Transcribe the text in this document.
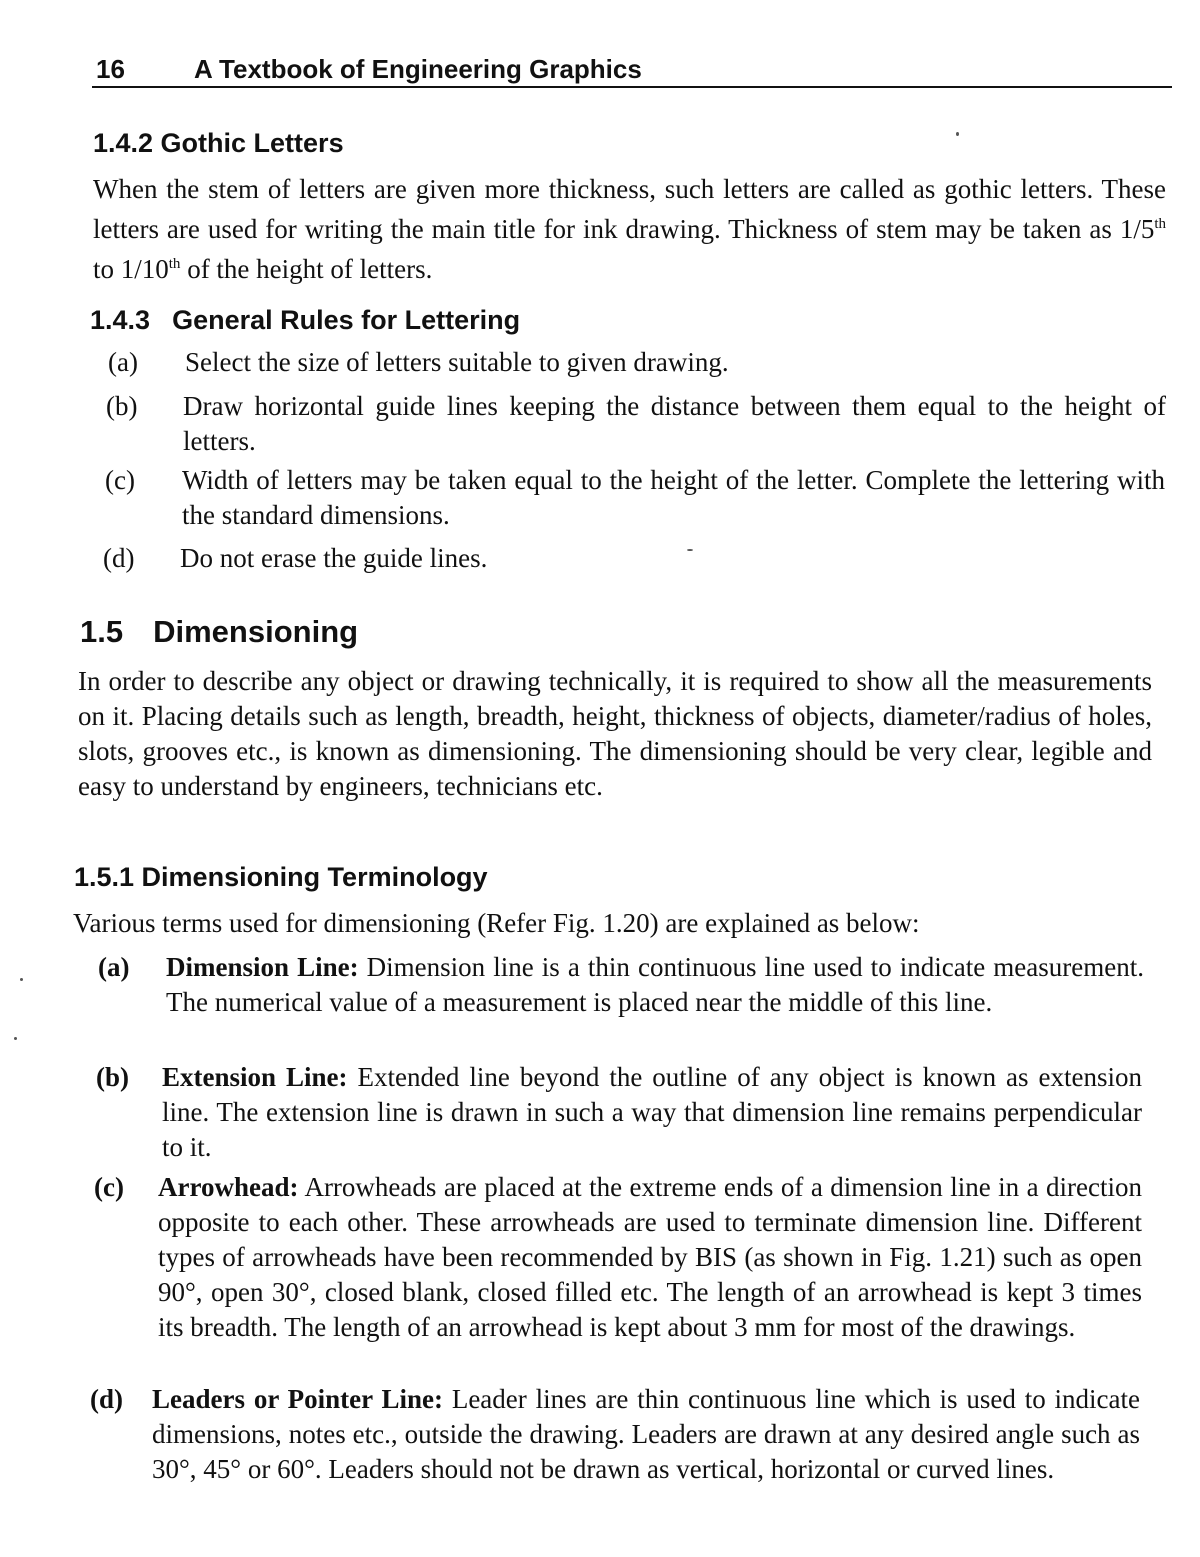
16	A Textbook of Engineering Graphics
1.4.2 Gothic Letters

When the stem of letters are given more thickness, such letters are called as gothic letters. These letters are used for writing the main title for ink drawing. Thickness of stem may be taken as 1/5th to 1/10th of the height of letters.

1.4.3 General Rules for Lettering
(a) Select the size of letters suitable to given drawing.
(b) Draw horizontal guide lines keeping the distance between them equal to the height of letters.
(c) Width of letters may be taken equal to the height of the letter. Complete the lettering with the standard dimensions.
(d) Do not erase the guide lines.
1.5 Dimensioning

In order to describe any object or drawing technically, it is required to show all the measurements on it. Placing details such as length, breadth, height, thickness of objects, diameter/radius of holes, slots, grooves etc., is known as dimensioning. The dimensioning should be very clear, legible and easy to understand by engineers, technicians etc.

1.5.1 Dimensioning Terminology

Various terms used for dimensioning (Refer Fig. 1.20) are explained as below:

(a) Dimension Line: Dimension line is a thin continuous line used to indicate measurement. The numerical value of a measurement is placed near the middle of this line.
(b) Extension Line: Extended line beyond the outline of any object is known as extension line. The extension line is drawn in such a way that dimension line remains perpendicular to it.
(c) Arrowhead: Arrowheads are placed at the extreme ends of a dimension line in a direction opposite to each other. These arrowheads are used to terminate dimension line. Different types of arrowheads have been recommended by BIS (as shown in Fig. 1.21) such as open 90°, open 30°, closed blank, closed filled etc. The length of an arrowhead is kept 3 times its breadth. The length of an arrowhead is kept about 3 mm for most of the drawings.
(d) Leaders or Pointer Line: Leader lines are thin continuous line which is used to indicate dimensions, notes etc., outside the drawing. Leaders are drawn at any desired angle such as 30°, 45° or 60°. Leaders should not be drawn as vertical, horizontal or curved lines.
